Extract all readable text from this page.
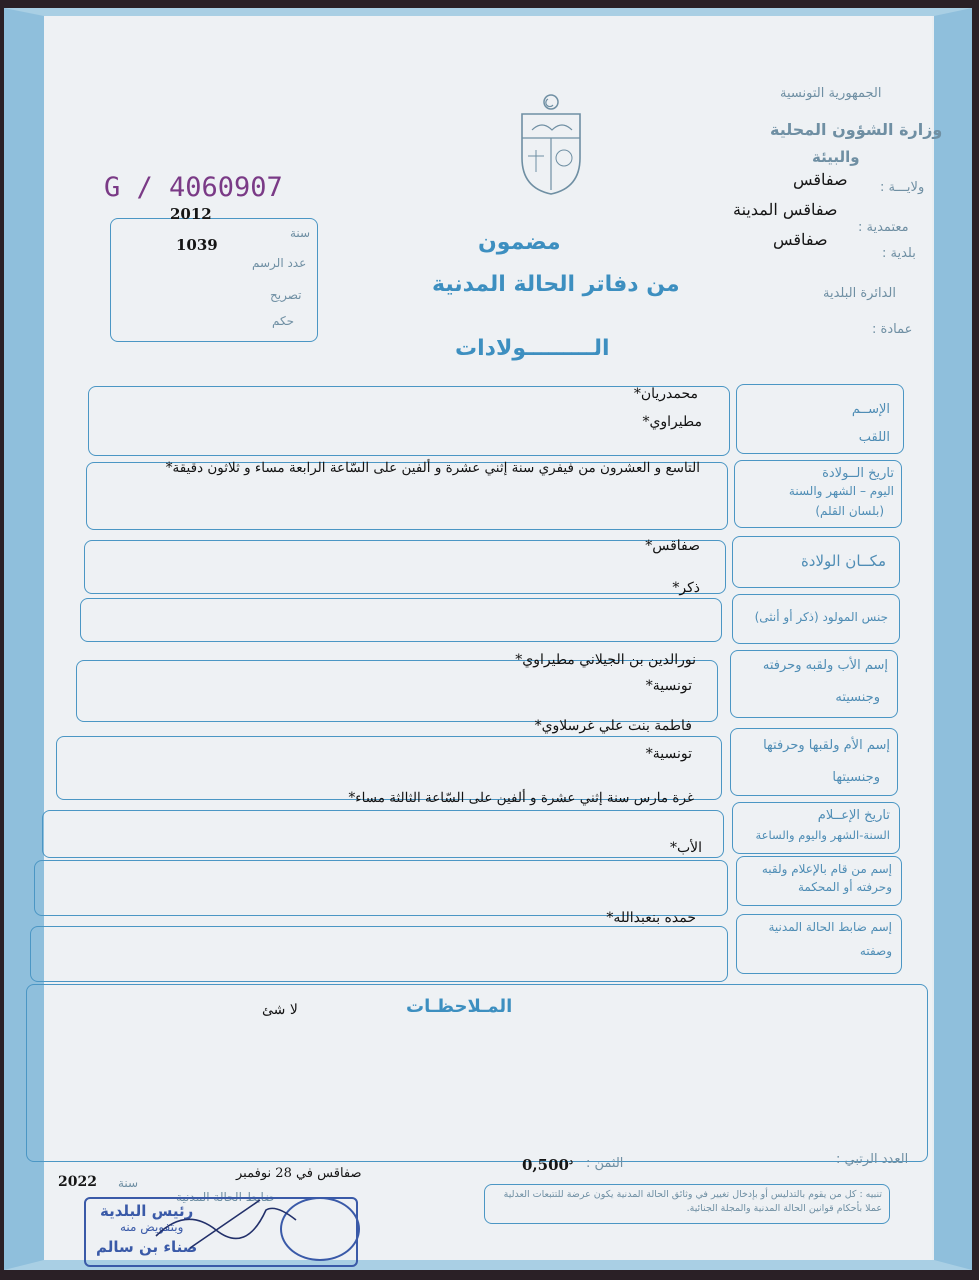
الجمهورية التونسية
وزارة الشؤون المحلية
والبيئة
ولايـــة :
صفاقس
معتمدية :
صفاقس المدينة
بلدية :
صفاقس
الدائرة البلدية
عمادة :
G / 4060907
2012
سنة
1039
عدد الرسم
تصريح
حكم
مضمون
من دفاتر الحالة المدنية
الـــــــــولادات
الإســم
اللقب
محمدريان*
مطيراوي*
تاريخ الــولادة
اليوم – الشهر والسنة
(بلسان القلم)
التاسع و العشرون من فيفري سنة إثني عشرة و ألفين على السّاعة الرابعة مساء و ثلاثون دقيقة*
مكــان الولادة
صفاقس*
جنس المولود (ذكر أو أنثى)
ذكر*
إسم الأب ولقبه وحرفته
وجنسيته
نورالدين بن الجيلاني مطيراوي*
تونسية*
فاطمة بنت علي غرسلاوي*
إسم الأم ولقبها وحرفتها
وجنسيتها
تونسية*
غرة مارس سنة إثني عشرة و ألفين على السّاعة الثالثة مساء*
تاريخ الإعــلام
السنة-الشهر واليوم والساعة
الأب*
إسم من قام بالإعلام ولقبه
وحرفته أو المحكمة
حمده بنعبدالله*
إسم ضابط الحالة المدنية
وصفته
المـلاحظـات
لا شئ
العدد الرتبي :
الثمن :
$0,500^د$
صفاقس في 28 نوفمبر
سنة
2022
ضابط الحالة المدنية	تنبيه : كل من يقوم بالتدليس أو بإدخال تغيير في وثائق الحالة المدنية يكون عرضة للتتبعات العدلية عملا بأحكام قوانين الحالة المدنية والمجلة الجنائية.
رئيس البلدية
وبتفويض منه
صناء بن سالم
